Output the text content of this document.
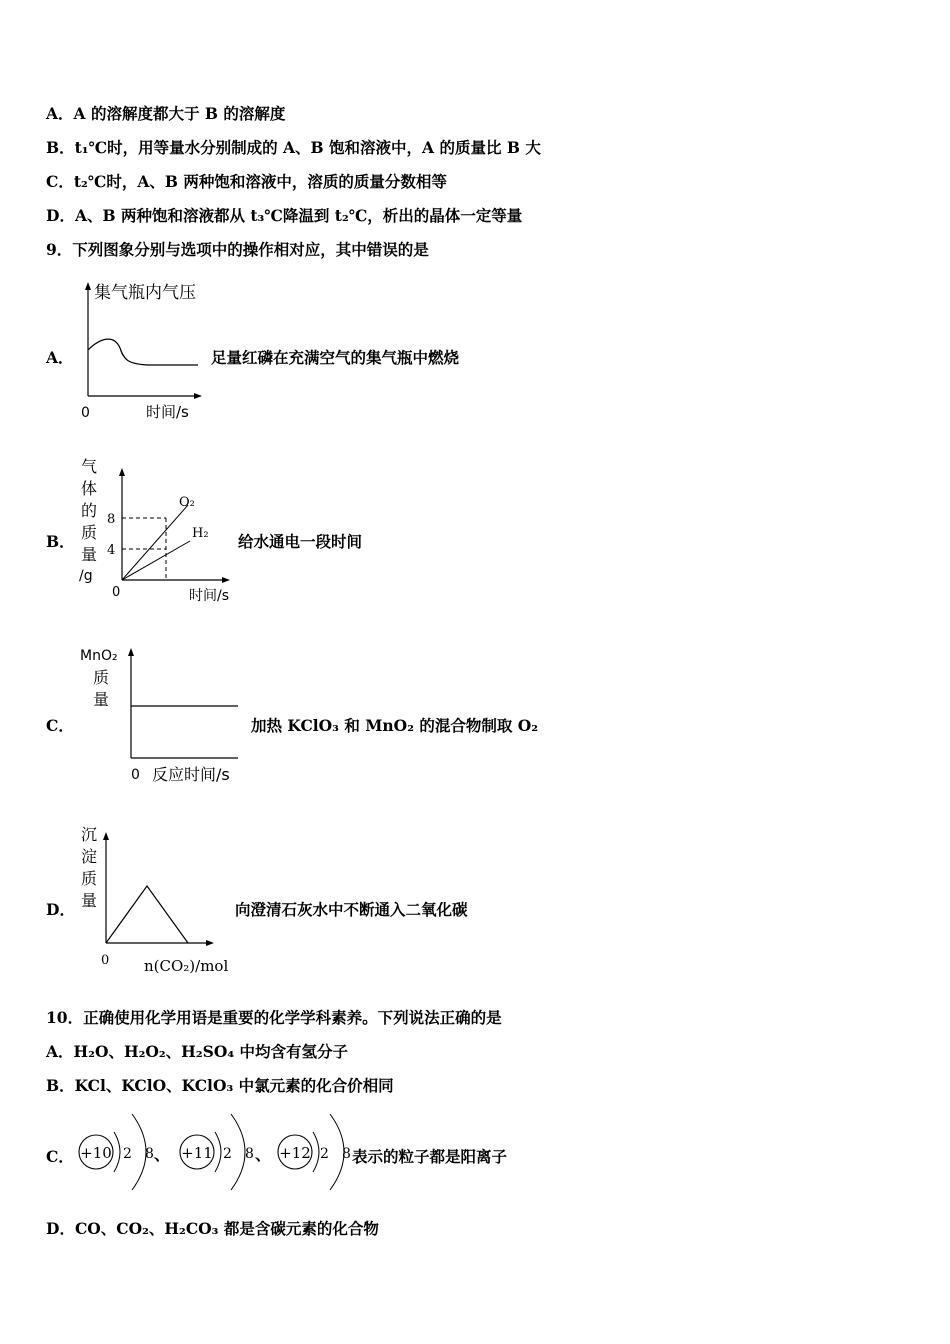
A．A 的溶解度都大于 B 的溶解度
B．t₁℃时，用等量水分别制成的 A、B 饱和溶液中，A 的质量比 B 大
C．t₂℃时，A、B 两种饱和溶液中，溶质的质量分数相等
D．A、B 两种饱和溶液都从 t₃℃降温到 t₂℃，析出的晶体一定等量
9．下列图象分别与选项中的操作相对应，其中错误的是
A．
集气瓶内气压
0	时间/s
足量红磷在充满空气的集气瓶中燃烧
B．
气
体
的
质
量
/g
8
4
O₂
H₂
0	时间/s
给水通电一段时间
C．
MnO₂
质
量
0 反应时间/s
加热 KClO₃ 和 MnO₂ 的混合物制取 O₂
D．
沉
淀
质
量
0 n(CO₂)/mol
向澄清石灰水中不断通入二氧化碳
10．正确使用化学用语是重要的化学学科素养。下列说法正确的是
A．H₂O、H₂O₂、H₂SO₄ 中均含有氢分子
B．KCl、KClO、KClO₃ 中氯元素的化合价相同
C． +10 2 8 、 +11 2 8 、 +12 2 8 表示的粒子都是阳离子
D．CO、CO₂、H₂CO₃ 都是含碳元素的化合物
